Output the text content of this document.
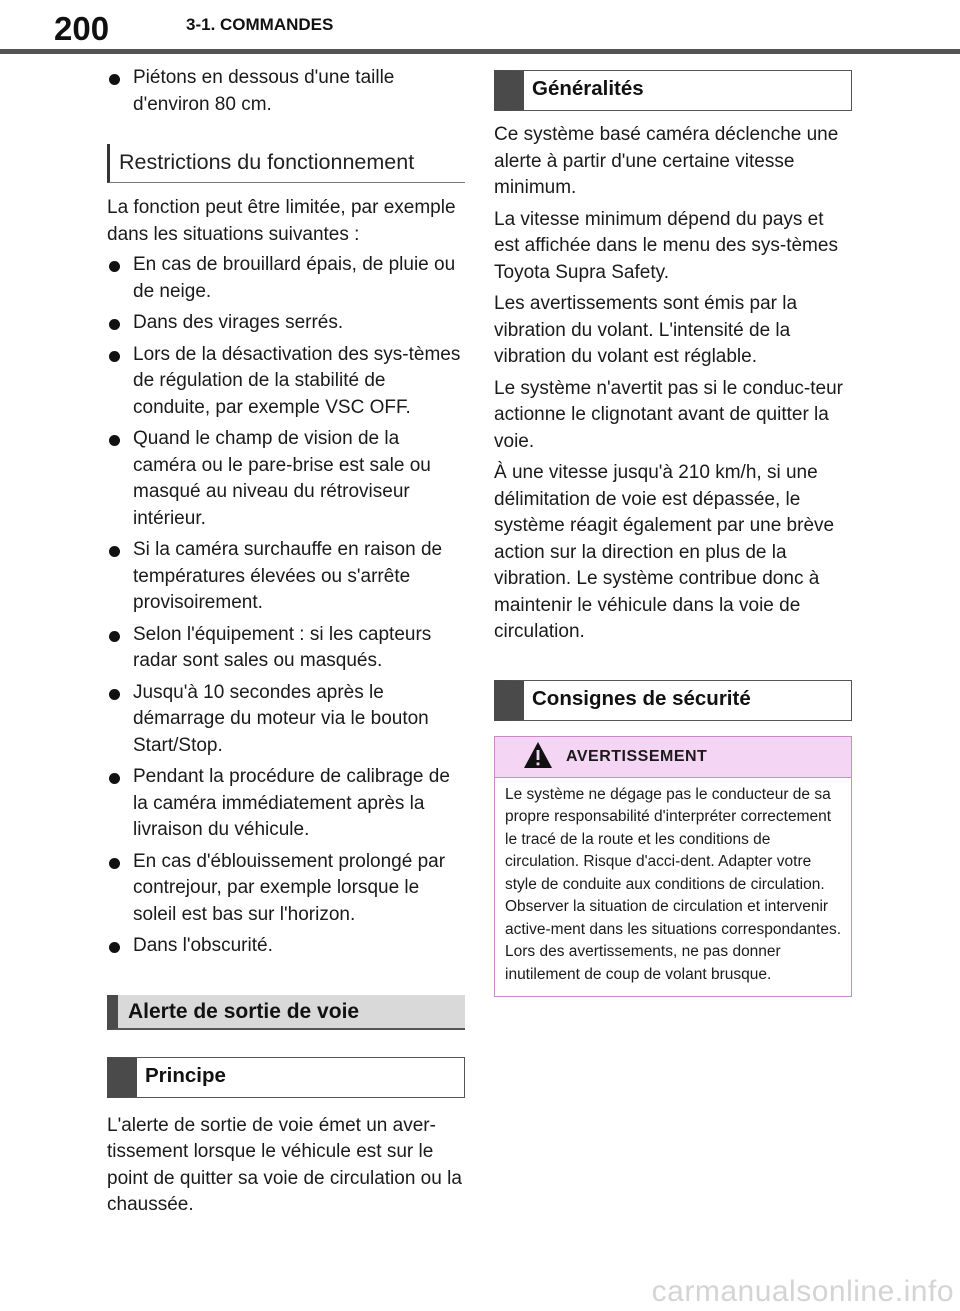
200	3-1. COMMANDES
Piétons en dessous d'une taille d'environ 80 cm.
Restrictions du fonctionnement

La fonction peut être limitée, par exemple dans les situations suivantes :

En cas de brouillard épais, de pluie ou de neige.
Dans des virages serrés.
Lors de la désactivation des sys-tèmes de régulation de la stabilité de conduite, par exemple VSC OFF.
Quand le champ de vision de la caméra ou le pare-brise est sale ou masqué au niveau du rétroviseur intérieur.
Si la caméra surchauffe en raison de températures élevées ou s'arrête provisoirement.
Selon l'équipement : si les capteurs radar sont sales ou masqués.
Jusqu'à 10 secondes après le démarrage du moteur via le bouton Start/Stop.
Pendant la procédure de calibrage de la caméra immédiatement après la livraison du véhicule.
En cas d'éblouissement prolongé par contrejour, par exemple lorsque le soleil est bas sur l'horizon.
Dans l'obscurité.
Alerte de sortie de voie
Principe

L'alerte de sortie de voie émet un aver-tissement lorsque le véhicule est sur le point de quitter sa voie de circulation ou la chaussée.

Généralités

Ce système basé caméra déclenche une alerte à partir d'une certaine vitesse minimum.

La vitesse minimum dépend du pays et est affichée dans le menu des sys-tèmes Toyota Supra Safety.

Les avertissements sont émis par la vibration du volant. L'intensité de la vibration du volant est réglable.

Le système n'avertit pas si le conduc-teur actionne le clignotant avant de quitter la voie.

À une vitesse jusqu'à 210 km/h, si une délimitation de voie est dépassée, le système réagit également par une brève action sur la direction en plus de la vibration. Le système contribue donc à maintenir le véhicule dans la voie de circulation.

Consignes de sécurité
AVERTISSEMENT
Le système ne dégage pas le conducteur de sa propre responsabilité d'interpréter correctement le tracé de la route et les conditions de circulation. Risque d'acci-dent. Adapter votre style de conduite aux conditions de circulation. Observer la situation de circulation et intervenir active-ment dans les situations correspondantes. Lors des avertissements, ne pas donner inutilement de coup de volant brusque.
carmanualsonline.info
